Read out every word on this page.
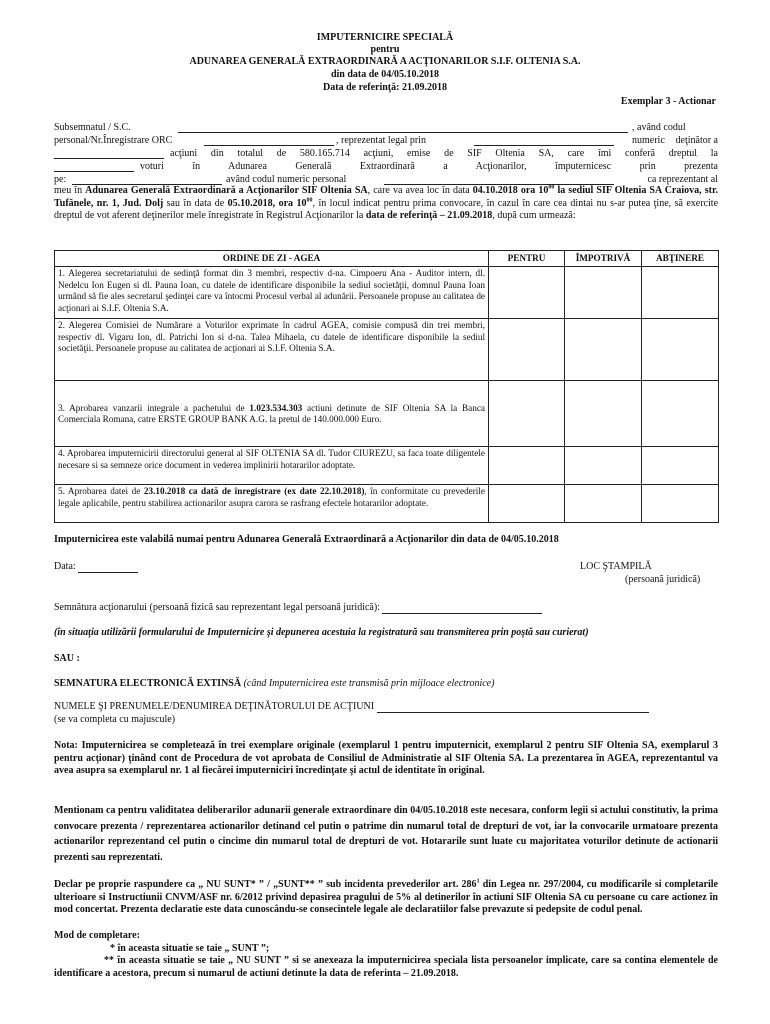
IMPUTERNICIRE SPECIALĂ
pentru
ADUNAREA GENERALĂ EXTRAORDINARĂ A ACŢIONARILOR S.I.F. OLTENIA S.A.
din data de 04/05.10.2018
Data de referinţă: 21.09.2018
Exemplar 3 - Actionar
Subsemnatul / S.C.	, având codul numeric
personal/Nr.Înregistrare ORC	, reprezentat legal prin	deţinător a
acţiuni din totalul de 580.165.714 acţiuni, emise de SIF Oltenia SA, care îmi conferă dreptul la
voturi în Adunarea Generală Extraordinară a Acţionarilor, împuternicesc prin prezenta
pe:	având codul numeric personal	ca reprezentant al
meu în Adunarea Generală Extraordinară a Acţionarilor SIF Oltenia SA, care va avea loc în data 04.10.2018 ora $10^{00}$ la sediul SIF Oltenia SA Craiova, str. Tufănele, nr. 1, Jud. Dolj sau în data de 05.10.2018, ora $10^{00}$, în locul indicat pentru prima convocare, în cazul în care cea dintai nu s-ar putea ţine, să exercite dreptul de vot aferent deţinerilor mele înregistrate în Registrul Acţionarilor la data de referinţă – 21.09.2018, după cum urmează:
ORDINE DE ZI - AGEA	PENTRU	ÎMPOTRIVĂ	ABŢINERE
1. Alegerea secretariatului de sedinţă format din 3 membri, respectiv d-na. Cimpoeru Ana - Auditor intern, dl. Nedelcu Ion Eugen si dl. Pauna Ioan, cu datele de identificare disponibile la sediul societăţii, domnul Pauna Ioan urmând să fie ales secretarul şedinţei care va întocmi Procesul verbal al adunării. Persoanele propuse au calitatea de acţionari ai S.I.F. Oltenia S.A.			
2. Alegerea Comisiei de Numărare a Voturilor exprimate în cadrul AGEA, comisie compusă din trei membri, respectiv dl. Vigaru Ion, dl. Patrichi Ion si d-na. Talea Mihaela, cu datele de identificare disponibile la sediul societăţii. Persoanele propuse au calitatea de acţionari ai S.I.F. Oltenia S.A.			
3. Aprobarea vanzarii integrale a pachetului de 1.023.534.303 actiuni detinute de SIF Oltenia SA la Banca Comerciala Romana, catre ERSTE GROUP BANK A.G. la pretul de 140.000.000 Euro.			
4. Aprobarea imputernicirii directorului general al SIF OLTENIA SA dl. Tudor CIUREZU, sa faca toate diligentele necesare si sa semneze orice document in vederea implinirii hotararilor adoptate.			
5. Aprobarea datei de 23.10.2018 ca dată de înregistrare (ex date 22.10.2018), în conformitate cu prevederile legale aplicabile, pentru stabilirea actionarilor asupra carora se rasfrang efectele hotararilor adoptate.			
Imputernicirea este valabilă numai pentru Adunarea Generală Extraordinară a Acţionarilor din data de 04/05.10.2018
Data:	LOC ŞTAMPILĂ
(persoană juridică)
Semnătura acţionarului (persoană fizică sau reprezentant legal persoană juridică):
(în situaţia utilizării formularului de Imputernicire şi depunerea acestuia la registratură sau transmiterea prin poştă sau curierat)
SAU :
SEMNATURA ELECTRONICĂ EXTINSĂ (când Imputernicirea este transmisă prin mijloace electronice)
NUMELE ŞI PRENUMELE/DENUMIREA DEŢINĂTORULUI DE ACŢIUNI
(se va completa cu majuscule)
Nota: Imputernicirea se completează în trei exemplare originale (exemplarul 1 pentru imputernicit, exemplarul 2 pentru SIF Oltenia SA, exemplarul 3 pentru acţionar) ţinând cont de Procedura de vot aprobata de Consiliul de Administratie al SIF Oltenia SA. La prezentarea în AGEA, reprezentantul va avea asupra sa exemplarul nr. 1 al fiecărei imputerniciri încredinţate şi actul de identitate în original.
Mentionam ca pentru validitatea deliberarilor adunarii generale extraordinare din 04/05.10.2018 este necesara, conform legii si actului constitutiv, la prima convocare prezenta / reprezentarea actionarilor detinand cel putin o patrime din numarul total de drepturi de vot, iar la convocarile urmatoare prezenta actionarilor reprezentand cel putin o cincime din numarul total de drepturi de vot. Hotararile sunt luate cu majoritatea voturilor detinute de actionarii prezenti sau reprezentati.
Declar pe proprie raspundere ca „ NU SUNT* ” / „SUNT** ” sub incidenta prevederilor art. $286^1$ din Legea nr. 297/2004, cu modificarile si completarile ulterioare si Instructiunii CNVM/ASF nr. 6/2012 privind depasirea pragului de 5% al detinerilor în actiuni SIF Oltenia SA cu persoane cu care actionez în mod concertat. Prezenta declaratie este data cunoscându-se consecintele legale ale declaratiilor false prevazute si pedepsite de codul penal.
Mod de completare:
* în aceasta situatie se taie „ SUNT ”;
** în aceasta situatie se taie „ NU SUNT ” si se anexeaza la imputernicirea speciala lista persoanelor implicate, care sa contina elementele de identificare a acestora, precum si numarul de actiuni detinute la data de referinta – 21.09.2018.
